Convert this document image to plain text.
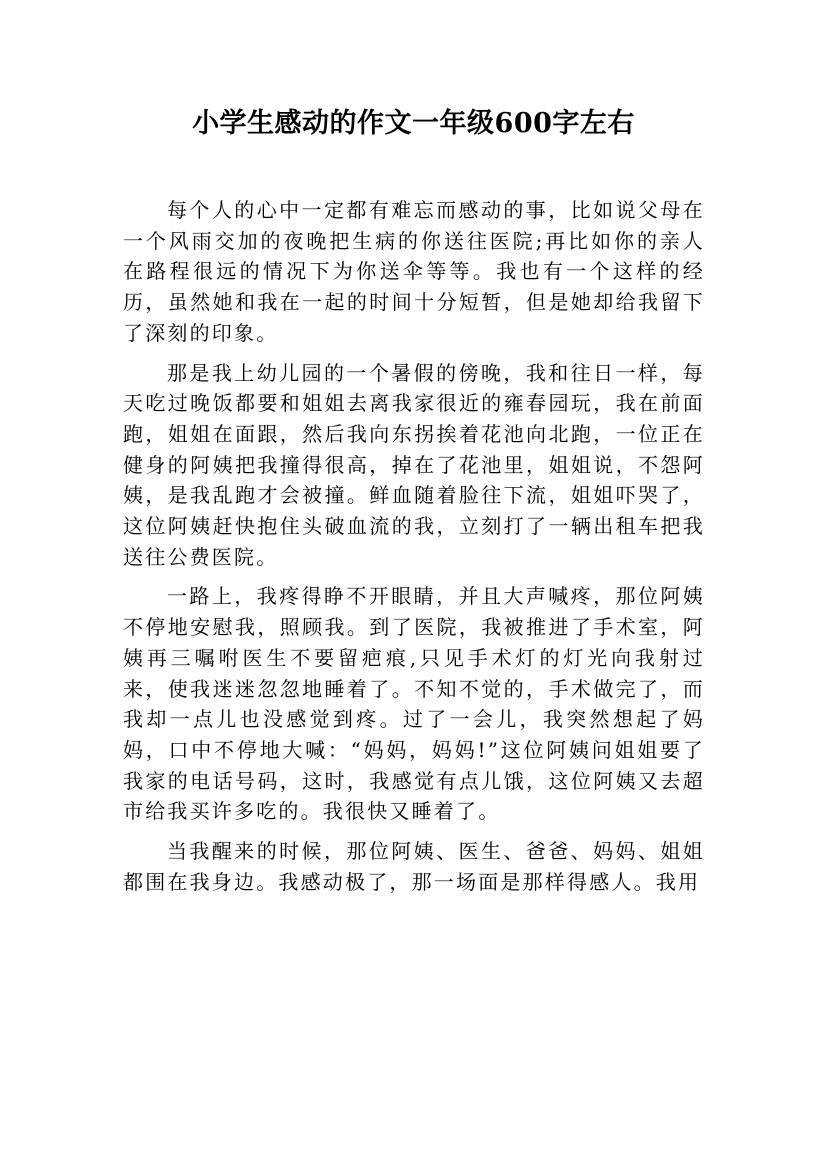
小学生感动的作文一年级600字左右

每个人的心中一定都有难忘而感动的事，比如说父母在一个风雨交加的夜晚把生病的你送往医院;再比如你的亲人在路程很远的情况下为你送伞等等。我也有一个这样的经历，虽然她和我在一起的时间十分短暂，但是她却给我留下了深刻的印象。

那是我上幼儿园的一个暑假的傍晚，我和往日一样，每天吃过晚饭都要和姐姐去离我家很近的雍春园玩，我在前面跑，姐姐在面跟，然后我向东拐挨着花池向北跑，一位正在健身的阿姨把我撞得很高，掉在了花池里，姐姐说，不怨阿姨，是我乱跑才会被撞。鲜血随着脸往下流，姐姐吓哭了，这位阿姨赶快抱住头破血流的我，立刻打了一辆出租车把我送往公费医院。

一路上，我疼得睁不开眼睛，并且大声喊疼，那位阿姨不停地安慰我，照顾我。到了医院，我被推进了手术室，阿姨再三嘱咐医生不要留疤痕,只见手术灯的灯光向我射过来，使我迷迷忽忽地睡着了。不知不觉的，手术做完了，而我却一点儿也没感觉到疼。过了一会儿，我突然想起了妈妈，口中不停地大喊：“妈妈，妈妈!”这位阿姨问姐姐要了我家的电话号码，这时，我感觉有点儿饿，这位阿姨又去超市给我买许多吃的。我很快又睡着了。

当我醒来的时候，那位阿姨、医生、爸爸、妈妈、姐姐都围在我身边。我感动极了，那一场面是那样得感人。我用
